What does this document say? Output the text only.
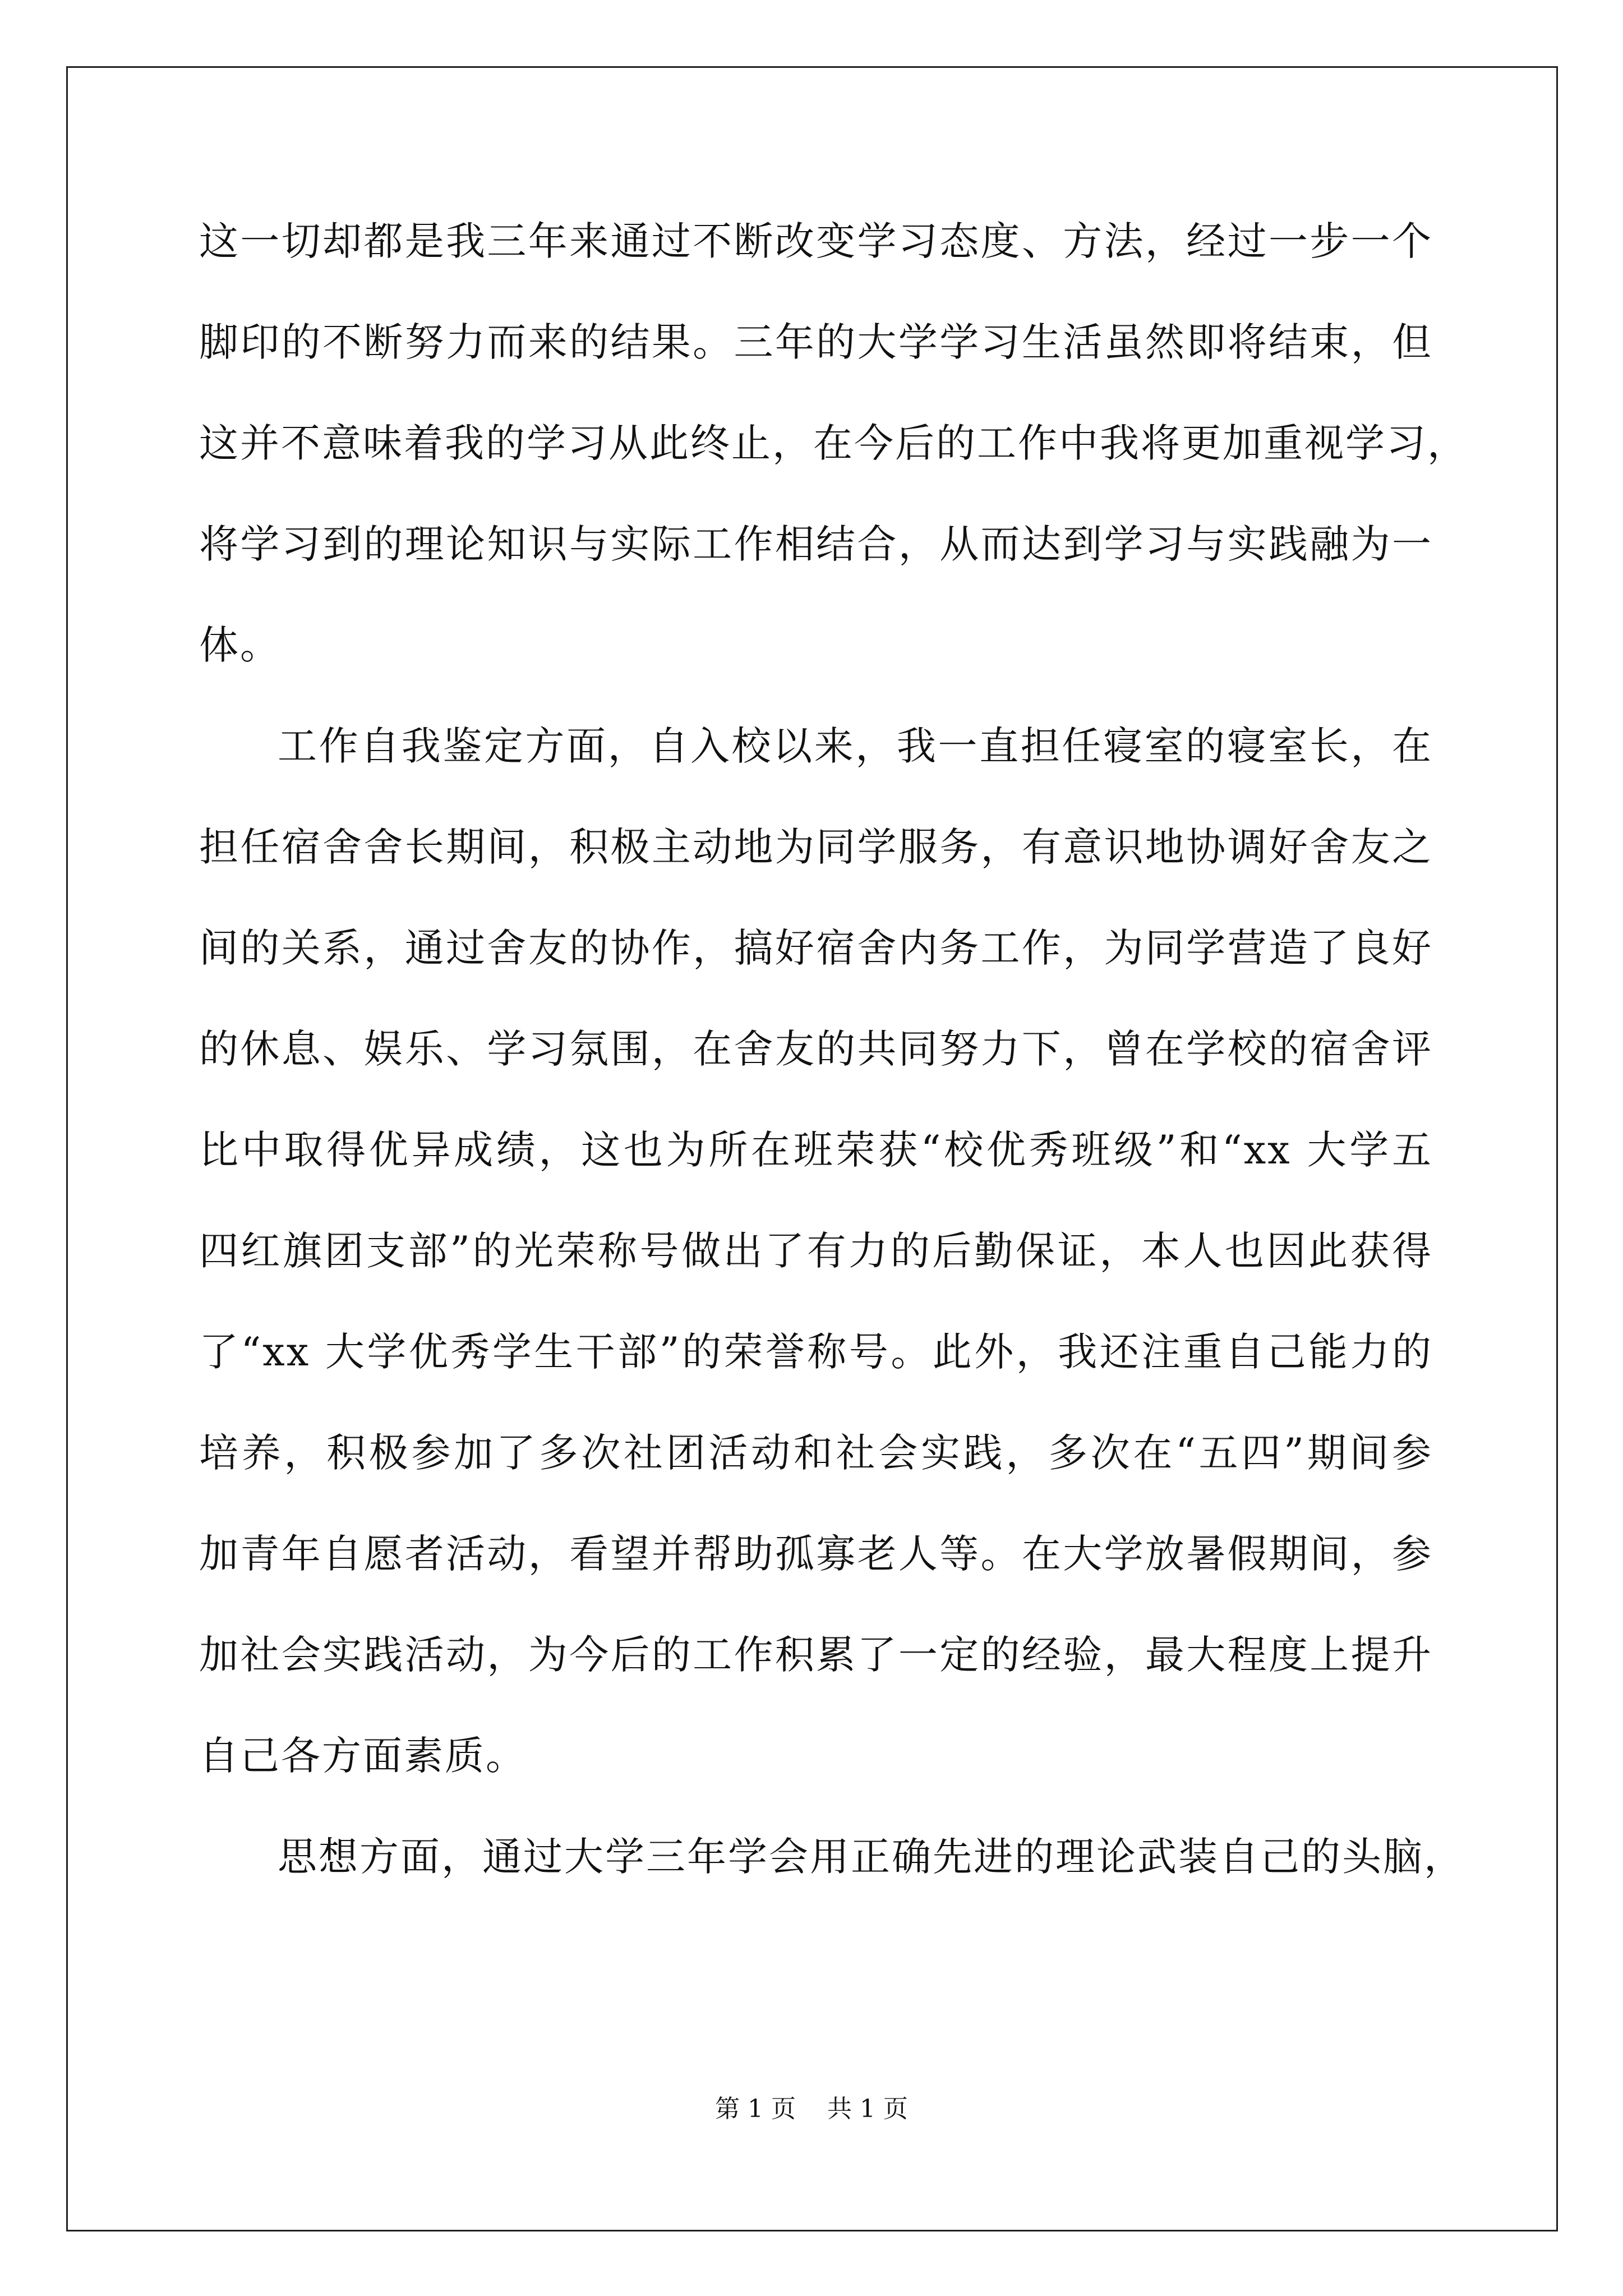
这一切却都是我三年来通过不断改变学习态度、方法，经过一步一个
脚印的不断努力而来的结果。三年的大学学习生活虽然即将结束，但
这并不意味着我的学习从此终止，在今后的工作中我将更加重视学习，
将学习到的理论知识与实际工作相结合，从而达到学习与实践融为一
体。
工作自我鉴定方面，自入校以来，我一直担任寝室的寝室长，在
担任宿舍舍长期间，积极主动地为同学服务，有意识地协调好舍友之
间的关系，通过舍友的协作，搞好宿舍内务工作，为同学营造了良好
的休息、娱乐、学习氛围，在舍友的共同努力下，曾在学校的宿舍评
比中取得优异成绩，这也为所在班荣获“校优秀班级”和“xx 大学五
四红旗团支部”的光荣称号做出了有力的后勤保证，本人也因此获得
了“xx 大学优秀学生干部”的荣誉称号。此外，我还注重自己能力的
培养，积极参加了多次社团活动和社会实践，多次在“五四”期间参
加青年自愿者活动，看望并帮助孤寡老人等。在大学放暑假期间，参
加社会实践活动，为今后的工作积累了一定的经验，最大程度上提升
自己各方面素质。
思想方面，通过大学三年学会用正确先进的理论武装自己的头脑，
第 1 页    共 1 页
